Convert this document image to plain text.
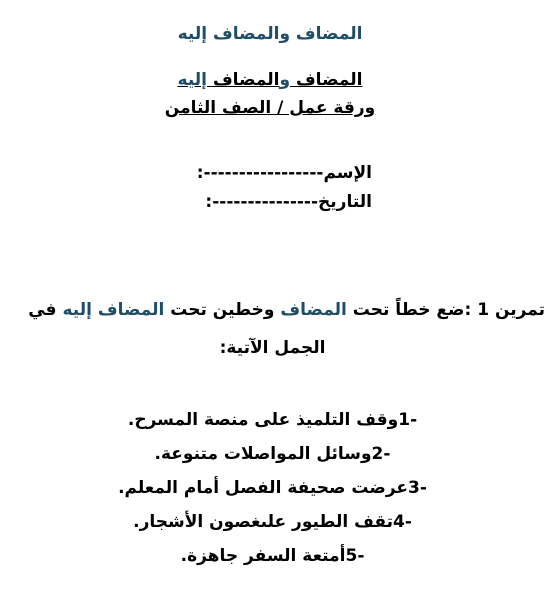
المضاف والمضاف إليه
المضاف والمضاف إليه
ورقة عمل / الصف الثامن
الإسم-----------------:
التاريخ---------------:
تمرين 1 :ضع خطاً تحت المضاف وخطين تحت المضاف إليه في
الجمل الآتية:
-1وقف التلميذ على منصة المسرح.
-2وسائل المواصلات متنوعة.
-3عرضت صحيفة الفصل أمام المعلم.
-4تقف الطيور علىغصون الأشجار.
-5أمتعة السفر جاهزة.
